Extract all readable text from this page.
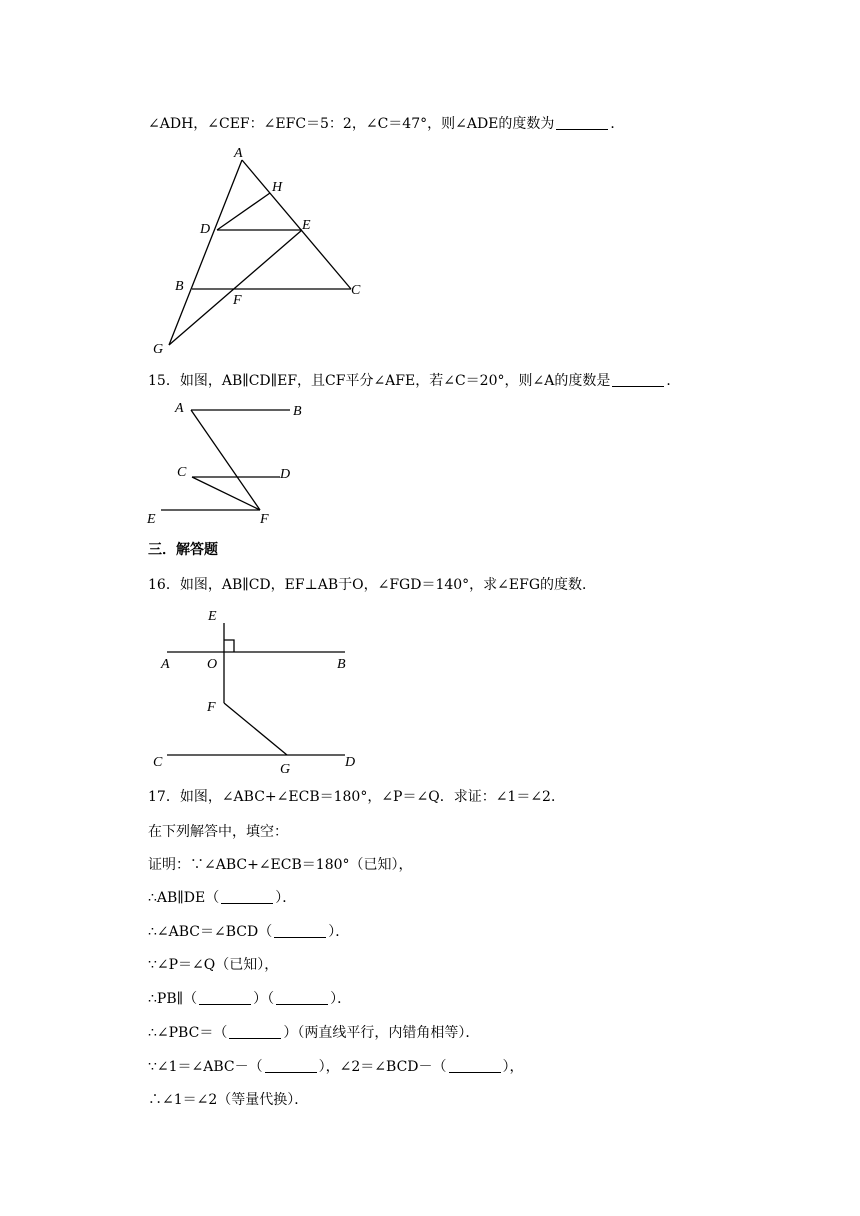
∠ADH，∠CEF：∠EFC＝5：2，∠C＝47°，则∠ADE的度数为	．
A
H
D	E
B
F
C
G
15．如图，AB∥CD∥EF，且CF平分∠AFE，若∠C＝20°，则∠A的度数是	．
A	B
C	D
E	F
三．解答题
16．如图，AB∥CD，EF⊥AB于O，∠FGD＝140°，求∠EFG的度数．
E
A	O	B
F
C	G	D
17．如图，∠ABC+∠ECB＝180°，∠P＝∠Q．求证：∠1＝∠2．
在下列解答中，填空：
证明：∵∠ABC+∠ECB＝180°（已知），
∴AB∥DE（	）．
∴∠ABC＝∠BCD（	）．
∵∠P＝∠Q（已知），
∴PB∥（	）（	）．
∴∠PBC＝（	）（两直线平行，内错角相等）．
∵∠1＝∠ABC－（	），∠2＝∠BCD－（	），
∴∠1＝∠2（等量代换）．
